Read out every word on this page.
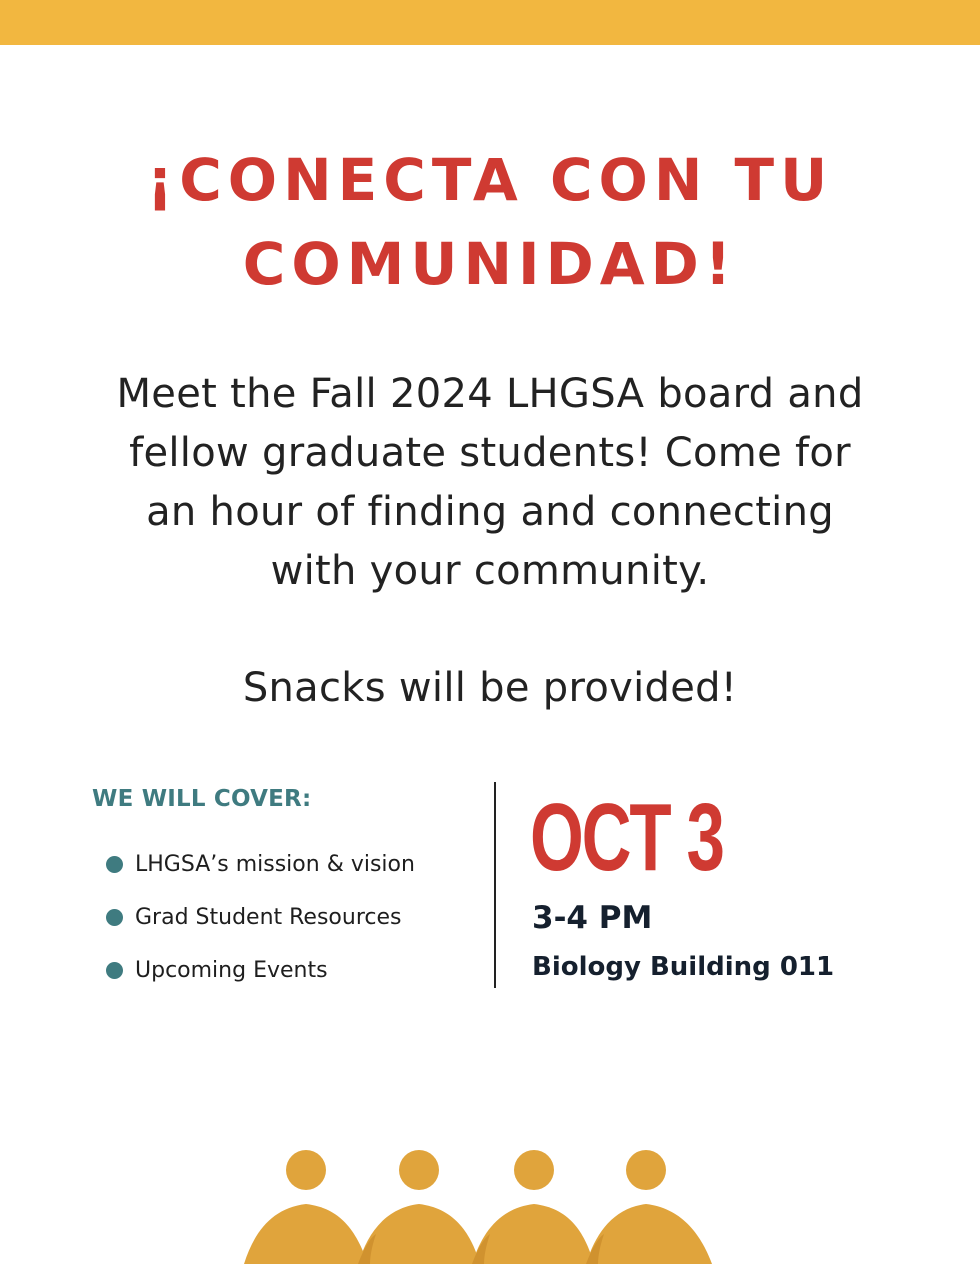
¡CONECTA CON TU
COMUNIDAD!
Meet the Fall 2024 LHGSA board and
fellow graduate students! Come for
an hour of finding and connecting
with your community.
Snacks will be provided!
WE WILL COVER:
LHGSA’s mission & vision
Grad Student Resources
Upcoming Events
OCT 3
3-4 PM
Biology Building 011
